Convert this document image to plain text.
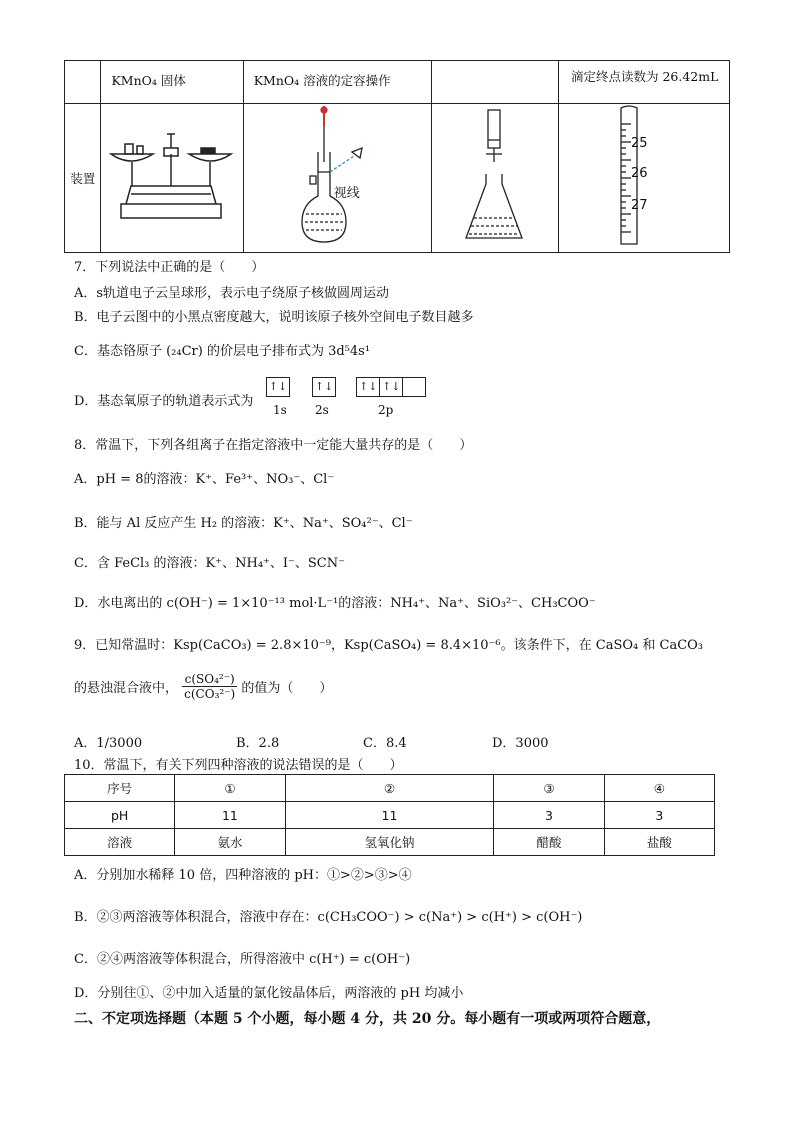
	KMnO₄ 固体	KMnO₄ 溶液的定容操作		滴定终点读数为 26.42mL
装置		视线		25
26
27
7．下列说法中正确的是（　　）
A．s轨道电子云呈球形，表示电子绕原子核做圆周运动
B．电子云图中的小黑点密度越大，说明该原子核外空间电子数目越多
C．基态铬原子 (₂₄Cr) 的价层电子排布式为 3d⁵4s¹
D．基态氧原子的轨道表示式为
↑↓	↑↓ ↑↓ ↑↓
1s 2s	2p
8．常温下，下列各组离子在指定溶液中一定能大量共存的是（　　）
A．pH = 8的溶液：K⁺、Fe³⁺、NO₃⁻、Cl⁻
B．能与 Al 反应产生 H₂ 的溶液：K⁺、Na⁺、SO₄²⁻、Cl⁻
C．含 FeCl₃ 的溶液：K⁺、NH₄⁺、I⁻、SCN⁻
D．水电离出的 c(OH⁻) = 1×10⁻¹³ mol·L⁻¹的溶液：NH₄⁺、Na⁺、SiO₃²⁻、CH₃COO⁻
9．已知常温时：Ksp(CaCO₃) = 2.8×10⁻⁹，Ksp(CaSO₄) = 8.4×10⁻⁶。该条件下，在 CaSO₄ 和 CaCO₃
的悬浊混合液中， $\frac{\text{c(SO₄²⁻)}}{\text{c(CO₃²⁻)}}$ 的值为（　　）
A．1/3000	B．2.8	C．8.4	D．3000
10．常温下，有关下列四种溶液的说法错误的是（　　）
序号	①	②	③	④
pH	11	11	3	3
溶液	氨水	氢氧化钠	醋酸	盐酸
A．分别加水稀释 10 倍，四种溶液的 pH：①>②>③>④
B．②③两溶液等体积混合，溶液中存在：c(CH₃COO⁻) > c(Na⁺) > c(H⁺) > c(OH⁻)
C．②④两溶液等体积混合，所得溶液中 c(H⁺) = c(OH⁻)
D．分别往①、②中加入适量的氯化铵晶体后，两溶液的 pH 均减小
二、不定项选择题（本题 5 个小题，每小题 4 分，共 20 分。每小题有一项或两项符合题意，
